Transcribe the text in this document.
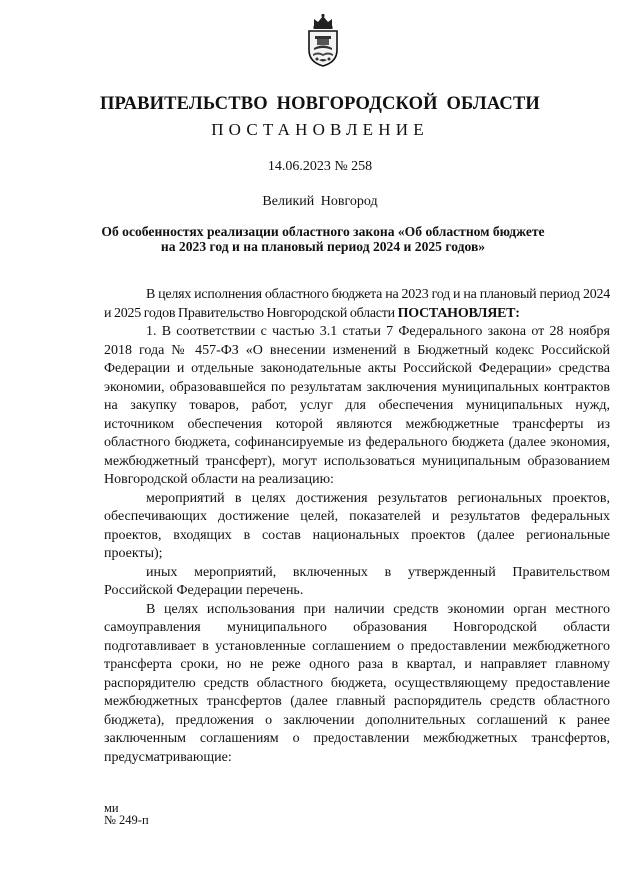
ПРАВИТЕЛЬСТВО НОВГОРОДСКОЙ ОБЛАСТИ
ПОСТАНОВЛЕНИЕ
14.06.2023 № 258
Великий Новгород
Об особенностях реализации областного закона «Об областном бюджете на 2023 год и на плановый период 2024 и 2025 годов»

В целях исполнения областного бюджета на 2023 год и на плановый период 2024 и 2025 годов Правительство Новгородской области ПОСТАНОВЛЯЕТ:

1. В соответствии с частью 3.1 статьи 7 Федерального закона от 28 ноября 2018 года № 457-ФЗ «О внесении изменений в Бюджетный кодекс Российской Федерации и отдельные законодательные акты Российской Федерации» средства экономии, образовавшейся по результатам заключения муниципальных контрактов на закупку товаров, работ, услуг для обеспечения муниципальных нужд, источником обеспечения которой являются межбюджетные трансферты из областного бюджета, софинансируемые из федерального бюджета (далее экономия, межбюджетный трансферт), могут использоваться муниципальным образованием Новгородской области на реализацию:

мероприятий в целях достижения результатов региональных проектов, обеспечивающих достижение целей, показателей и результатов федеральных проектов, входящих в состав национальных проектов (далее региональные проекты);

иных мероприятий, включенных в утвержденный Правительством Российской Федерации перечень.

В целях использования при наличии средств экономии орган местного самоуправления муниципального образования Новгородской области подготавливает в установленные соглашением о предоставлении межбюджетного трансферта сроки, но не реже одного раза в квартал, и направляет главному распорядителю средств областного бюджета, осуществляющему предоставление межбюджетных трансфертов (далее главный распорядитель средств областного бюджета), предложения о заключении дополнительных соглашений к ранее заключенным соглашениям о предоставлении межбюджетных трансфертов, предусматривающие:

ми
№ 249-п
